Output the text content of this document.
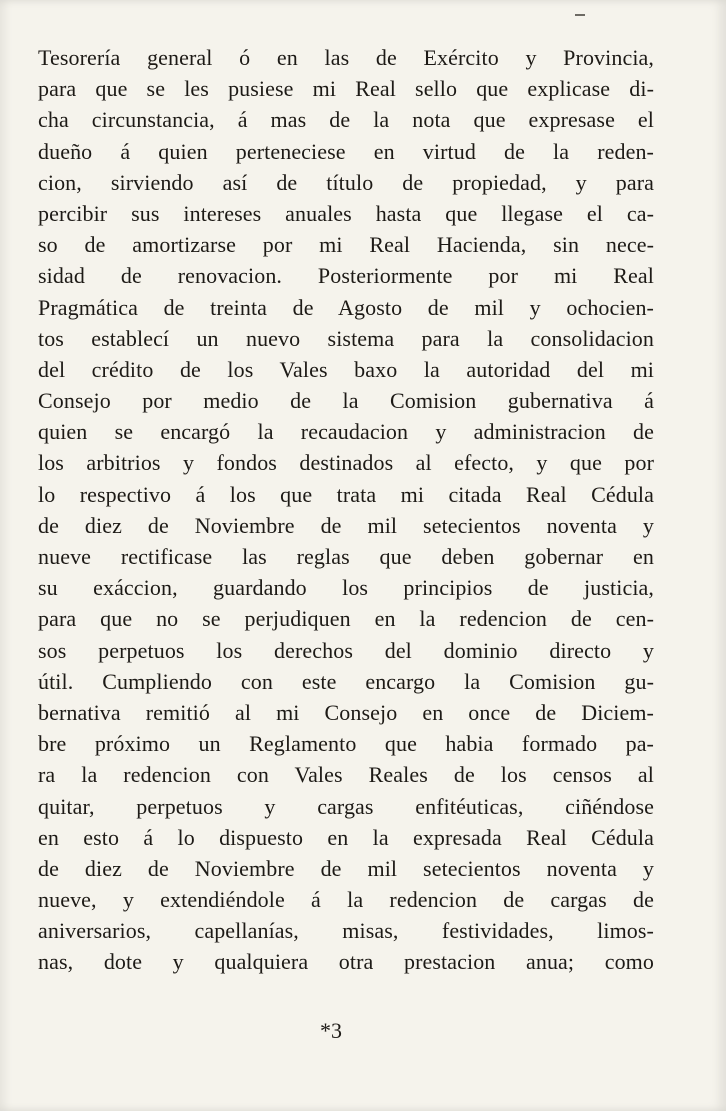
Tesorería general ó en las de Exército y Provincia,
para que se les pusiese mi Real sello que explicase di-
cha circunstancia, á mas de la nota que expresase el
dueño á quien perteneciese en virtud de la reden-
cion, sirviendo así de título de propiedad, y para
percibir sus intereses anuales hasta que llegase el ca-
so de amortizarse por mi Real Hacienda, sin nece-
sidad de renovacion. Posteriormente por mi Real
Pragmática de treinta de Agosto de mil y ochocien-
tos establecí un nuevo sistema para la consolidacion
del crédito de los Vales baxo la autoridad del mi
Consejo por medio de la Comision gubernativa á
quien se encargó la recaudacion y administracion de
los arbitrios y fondos destinados al efecto, y que por
lo respectivo á los que trata mi citada Real Cédula
de diez de Noviembre de mil setecientos noventa y
nueve rectificase las reglas que deben gobernar en
su exáccion, guardando los principios de justicia,
para que no se perjudiquen en la redencion de cen-
sos perpetuos los derechos del dominio directo y
útil. Cumpliendo con este encargo la Comision gu-
bernativa remitió al mi Consejo en once de Diciem-
bre próximo un Reglamento que habia formado pa-
ra la redencion con Vales Reales de los censos al
quitar, perpetuos y cargas enfitéuticas, ciñéndose
en esto á lo dispuesto en la expresada Real Cédula
de diez de Noviembre de mil setecientos noventa y
nueve, y extendiéndole á la redencion de cargas de
aniversarios, capellanías, misas, festividades, limos-
nas, dote y qualquiera otra prestacion anua; como
*3
